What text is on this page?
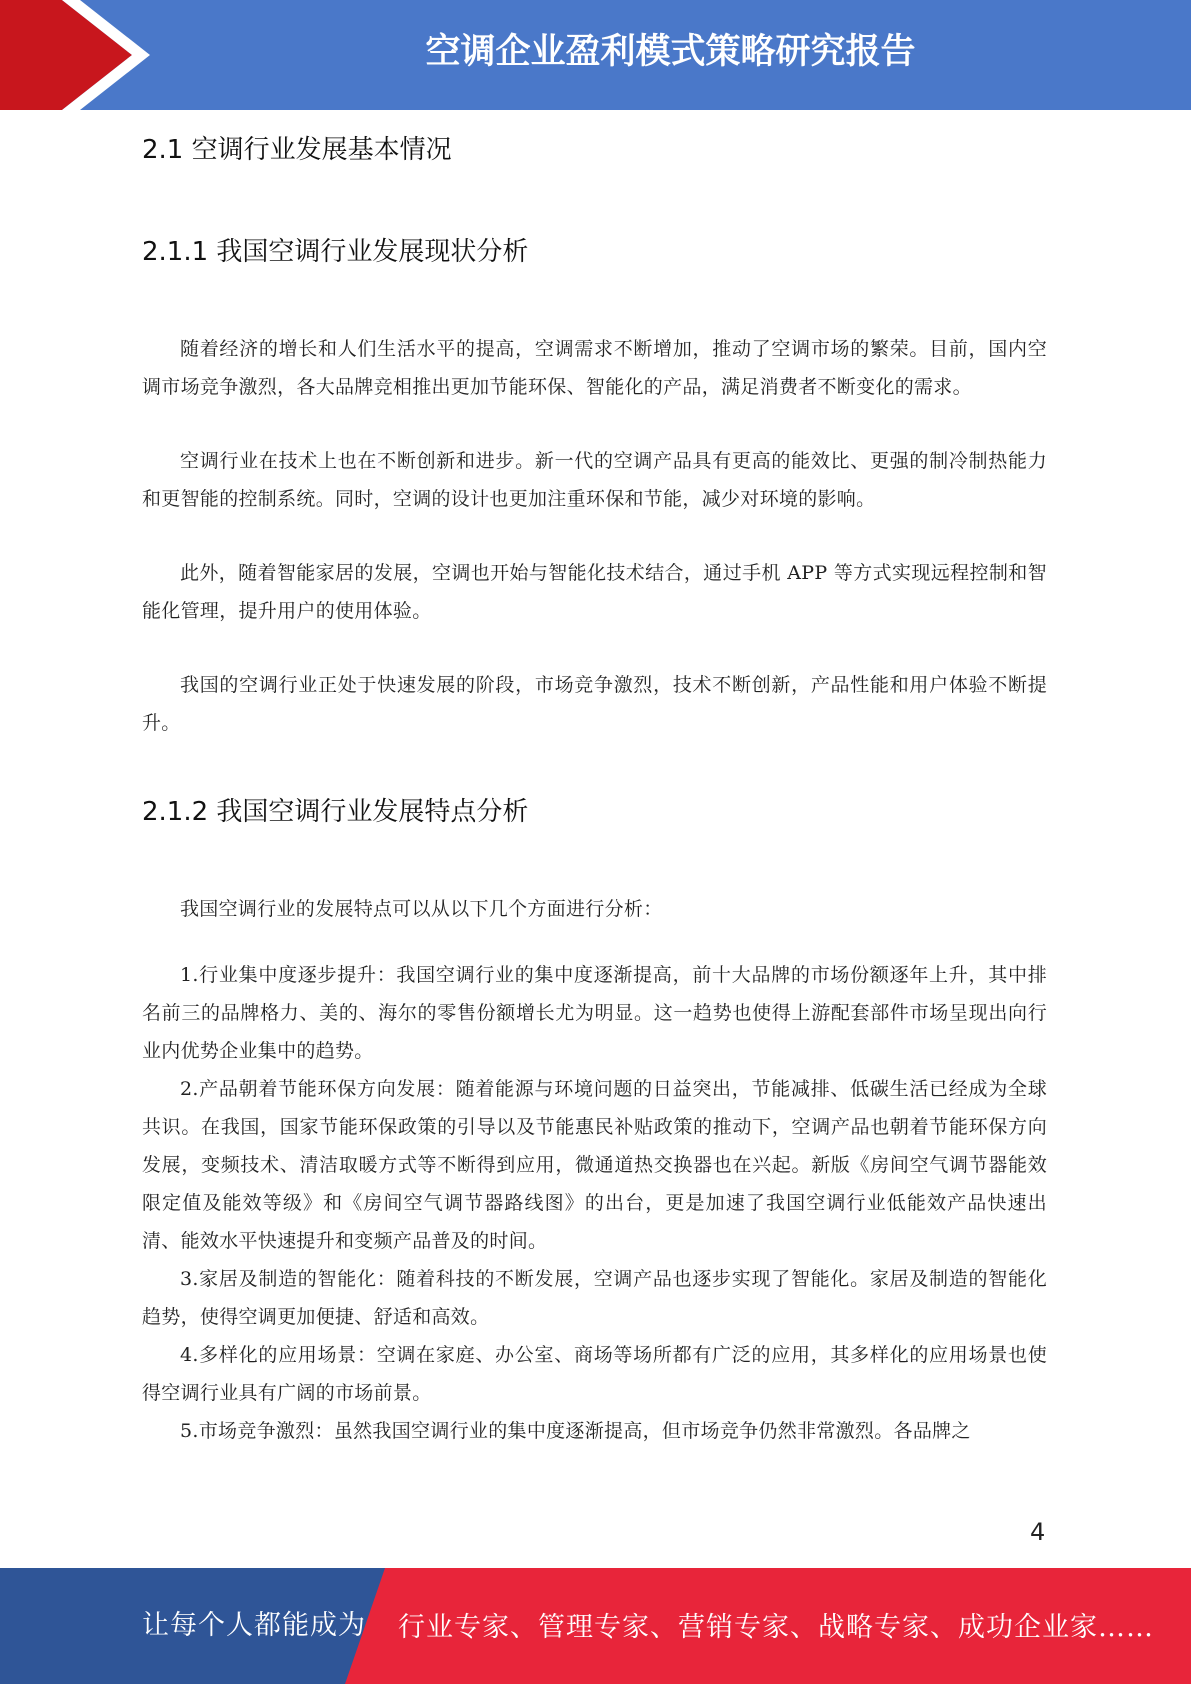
空调企业盈利模式策略研究报告
2.1 空调行业发展基本情况
2.1.1 我国空调行业发展现状分析

随着经济的增长和人们生活水平的提高，空调需求不断增加，推动了空调市场的繁荣。目前，国内空调市场竞争激烈，各大品牌竞相推出更加节能环保、智能化的产品，满足消费者不断变化的需求。

空调行业在技术上也在不断创新和进步。新一代的空调产品具有更高的能效比、更强的制冷制热能力和更智能的控制系统。同时，空调的设计也更加注重环保和节能，减少对环境的影响。

此外，随着智能家居的发展，空调也开始与智能化技术结合，通过手机 APP 等方式实现远程控制和智能化管理，提升用户的使用体验。

我国的空调行业正处于快速发展的阶段，市场竞争激烈，技术不断创新，产品性能和用户体验不断提升。

2.1.2 我国空调行业发展特点分析

我国空调行业的发展特点可以从以下几个方面进行分析：

1.行业集中度逐步提升：我国空调行业的集中度逐渐提高，前十大品牌的市场份额逐年上升，其中排名前三的品牌格力、美的、海尔的零售份额增长尤为明显。这一趋势也使得上游配套部件市场呈现出向行业内优势企业集中的趋势。

2.产品朝着节能环保方向发展：随着能源与环境问题的日益突出，节能减排、低碳生活已经成为全球共识。在我国，国家节能环保政策的引导以及节能惠民补贴政策的推动下，空调产品也朝着节能环保方向发展，变频技术、清洁取暖方式等不断得到应用，微通道热交换器也在兴起。新版《房间空气调节器能效限定值及能效等级》和《房间空气调节器路线图》的出台，更是加速了我国空调行业低能效产品快速出清、能效水平快速提升和变频产品普及的时间。

3.家居及制造的智能化：随着科技的不断发展，空调产品也逐步实现了智能化。家居及制造的智能化趋势，使得空调更加便捷、舒适和高效。

4.多样化的应用场景：空调在家庭、办公室、商场等场所都有广泛的应用，其多样化的应用场景也使得空调行业具有广阔的市场前景。

5.市场竞争激烈：虽然我国空调行业的集中度逐渐提高，但市场竞争仍然非常激烈。各品牌之

4
让每个人都能成为 行业专家、管理专家、营销专家、战略专家、成功企业家……
